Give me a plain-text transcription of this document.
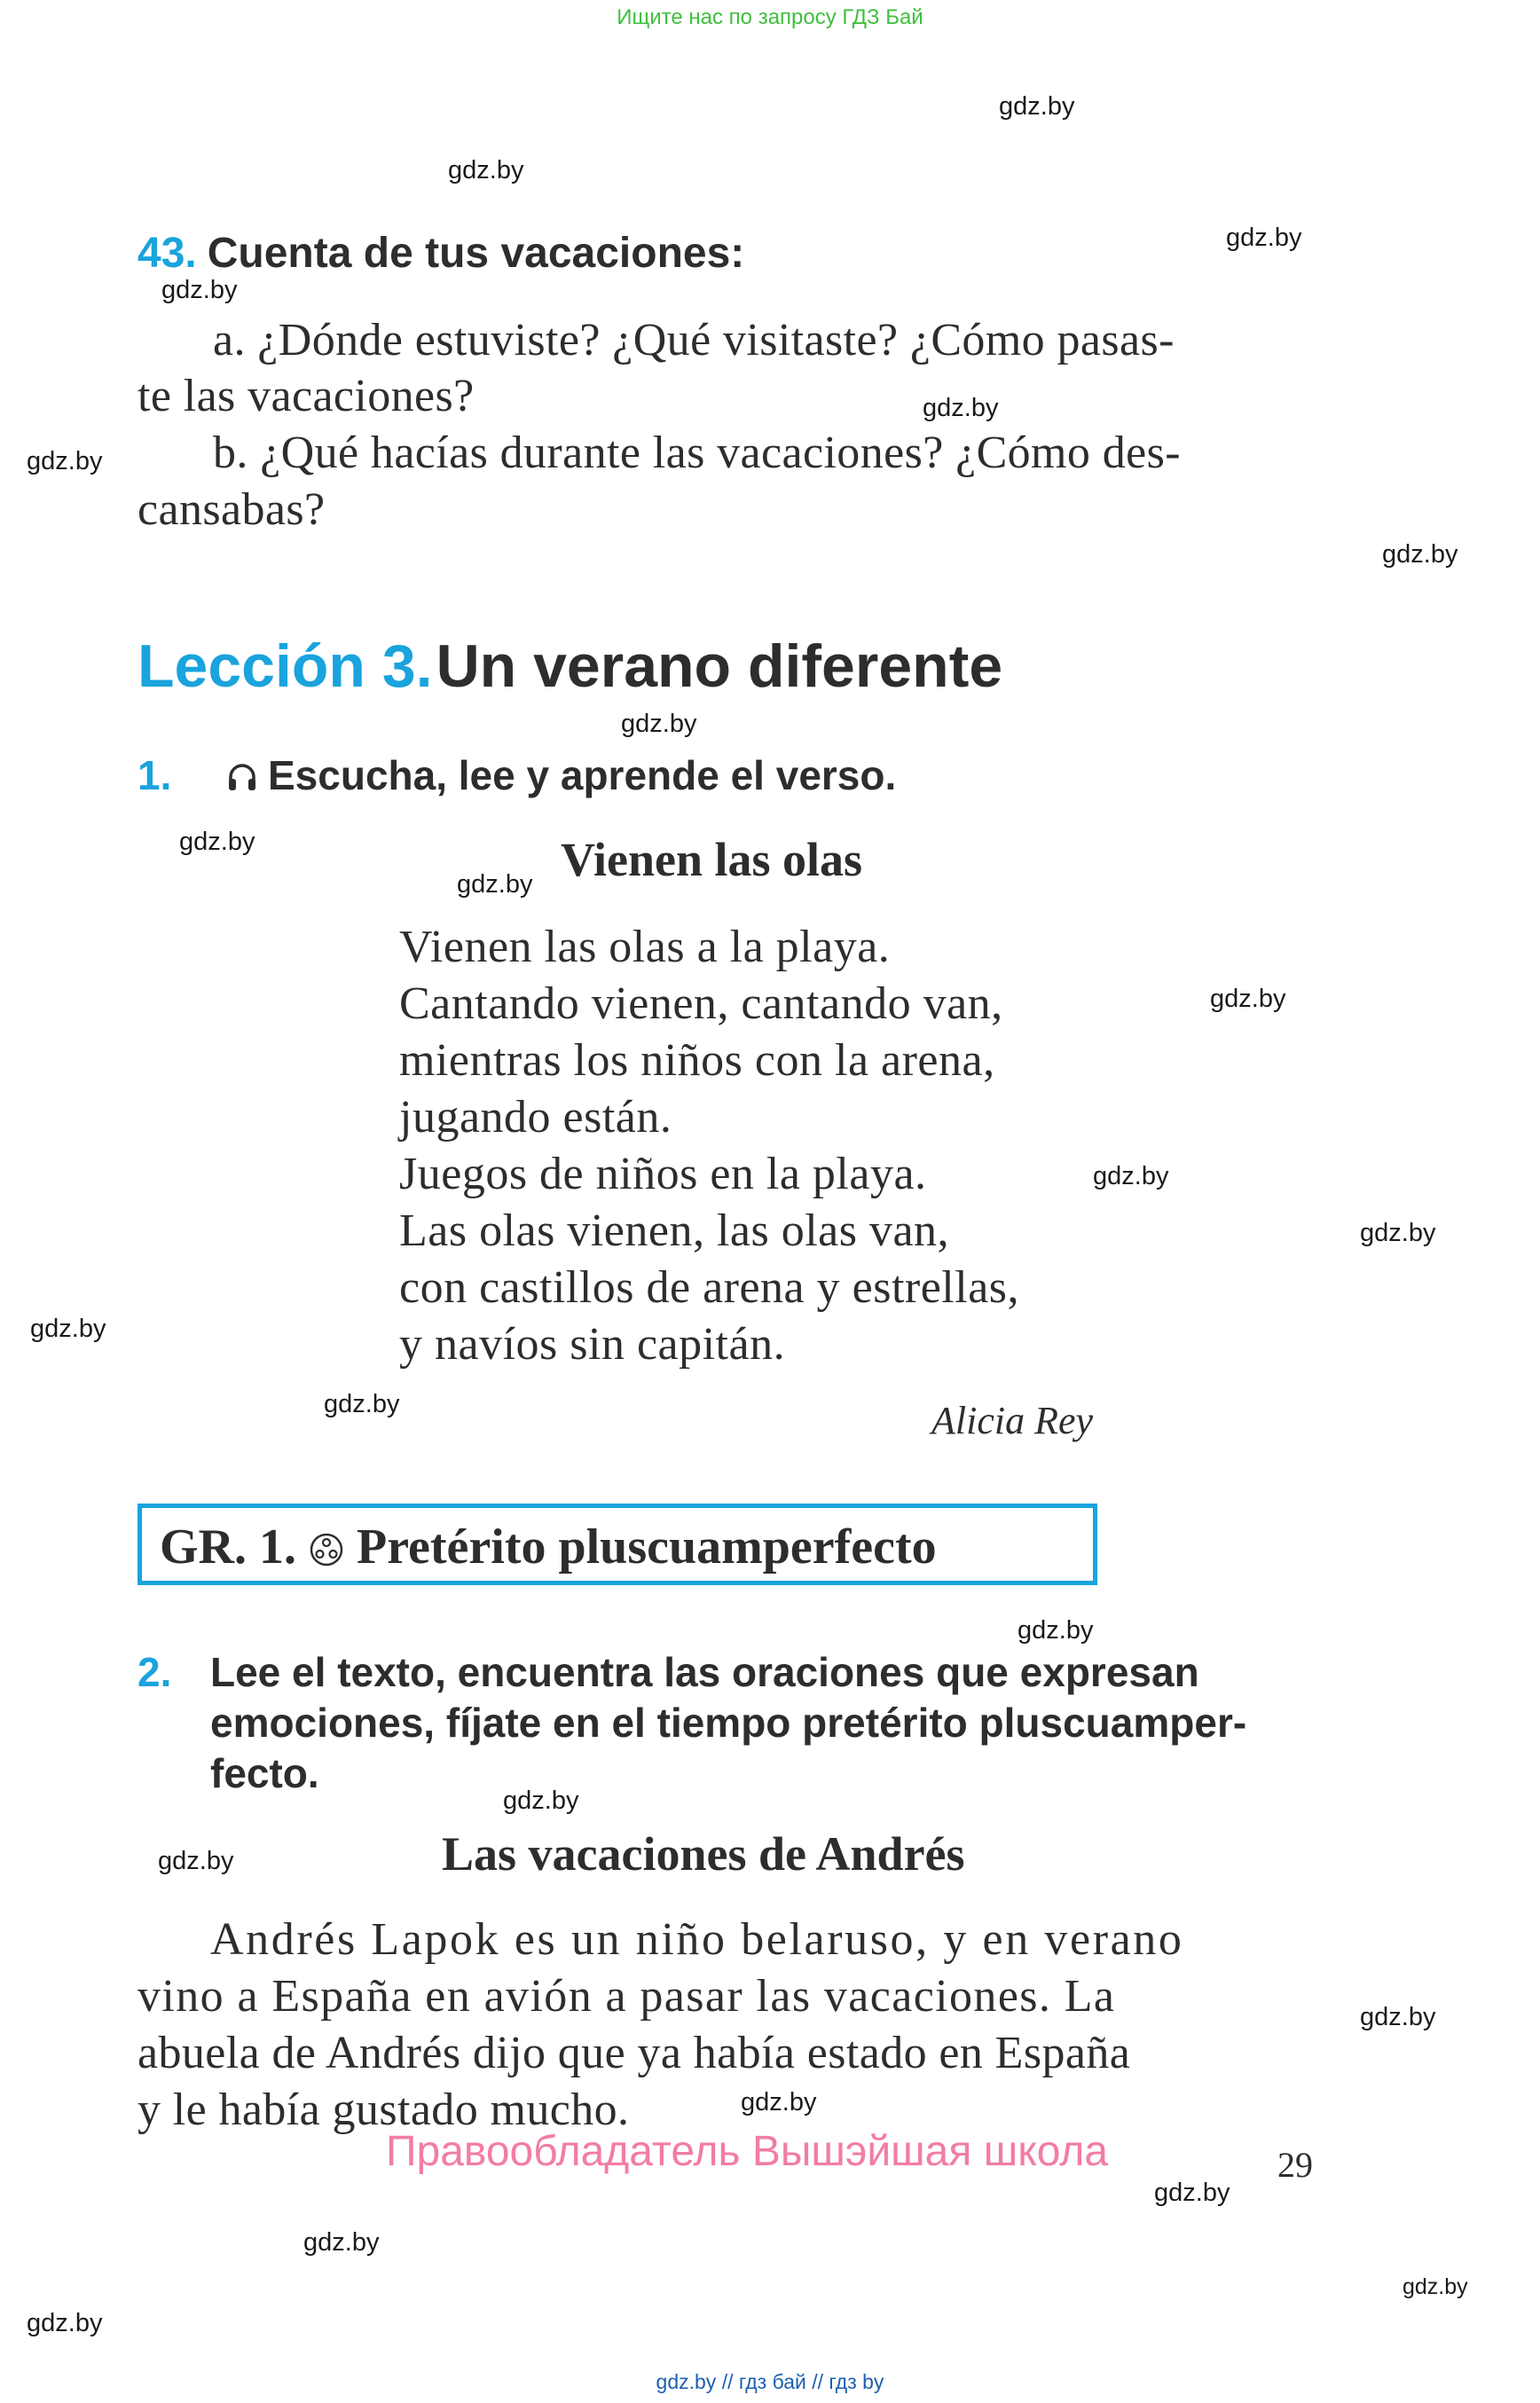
Ищите нас по запросу ГДЗ Бай
gdz.by
gdz.by
gdz.by
gdz.by
gdz.by
gdz.by
gdz.by
gdz.by
gdz.by
gdz.by
gdz.by
gdz.by
gdz.by
gdz.by
gdz.by
gdz.by
gdz.by
gdz.by
gdz.by
gdz.by
gdz.by
gdz.by
gdz.by
gdz.by
43. Cuenta de tus vacaciones:
a. ¿Dónde estuviste? ¿Qué visitaste? ¿Cómo pasas-
te las vacaciones?
b. ¿Qué hacías durante las vacaciones? ¿Cómo des-
cansabas?
Lección 3. Un verano diferente
1. Escucha, lee y aprende el verso.
Vienen las olas
Vienen las olas a la playa.
Cantando vienen, cantando van,
mientras los niños con la arena,
jugando están.
Juegos de niños en la playa.
Las olas vienen, las olas van,
con castillos de arena y estrellas,
y navíos sin capitán.
Alicia Rey
GR. 1. Pretérito pluscuamperfecto
2. Lee el texto, encuentra las oraciones que expresan
emociones, fíjate en el tiempo pretérito pluscuamper-
fecto.
Las vacaciones de Andrés
Andrés Lapok es un niño belaruso, y en verano
vino a España en avión a pasar las vacaciones. La
abuela de Andrés dijo que ya había estado en España
y le había gustado mucho.
Правообладатель Вышэйшая школа	29
gdz.by // гдз бай // гдз by
